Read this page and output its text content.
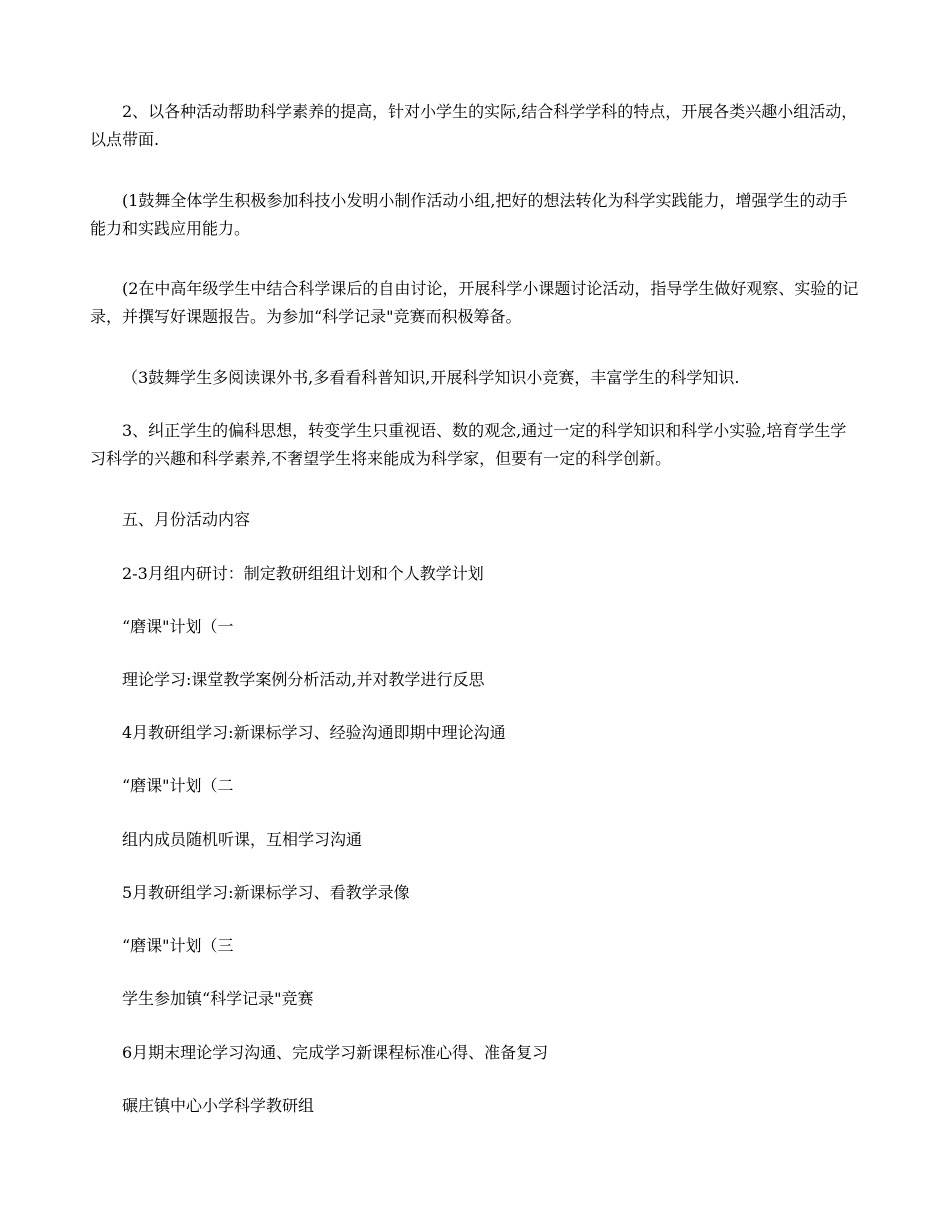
2、以各种活动帮助科学素养的提高，针对小学生的实际,结合科学学科的特点，开展各类兴趣小组活动，以点带面.

(1鼓舞全体学生积极参加科技小发明小制作活动小组,把好的想法转化为科学实践能力，增强学生的动手能力和实践应用能力。

(2在中高年级学生中结合科学课后的自由讨论，开展科学小课题讨论活动，指导学生做好观察、实验的记录，并撰写好课题报告。为参加“科学记录"竞赛而积极筹备。

（3鼓舞学生多阅读课外书,多看看科普知识,开展科学知识小竞赛，丰富学生的科学知识.

3、纠正学生的偏科思想，转变学生只重视语、数的观念,通过一定的科学知识和科学小实验,培育学生学习科学的兴趣和科学素养,不奢望学生将来能成为科学家，但要有一定的科学创新。

五、月份活动内容

2-3月组内研讨：制定教研组组计划和个人教学计划

“磨课"计划（一

理论学习:课堂教学案例分析活动,并对教学进行反思

4月教研组学习:新课标学习、经验沟通即期中理论沟通

“磨课"计划（二

组内成员随机听课，互相学习沟通

5月教研组学习:新课标学习、看教学录像

“磨课"计划（三

学生参加镇“科学记录"竞赛

6月期末理论学习沟通、完成学习新课程标准心得、准备复习

碾庄镇中心小学科学教研组
